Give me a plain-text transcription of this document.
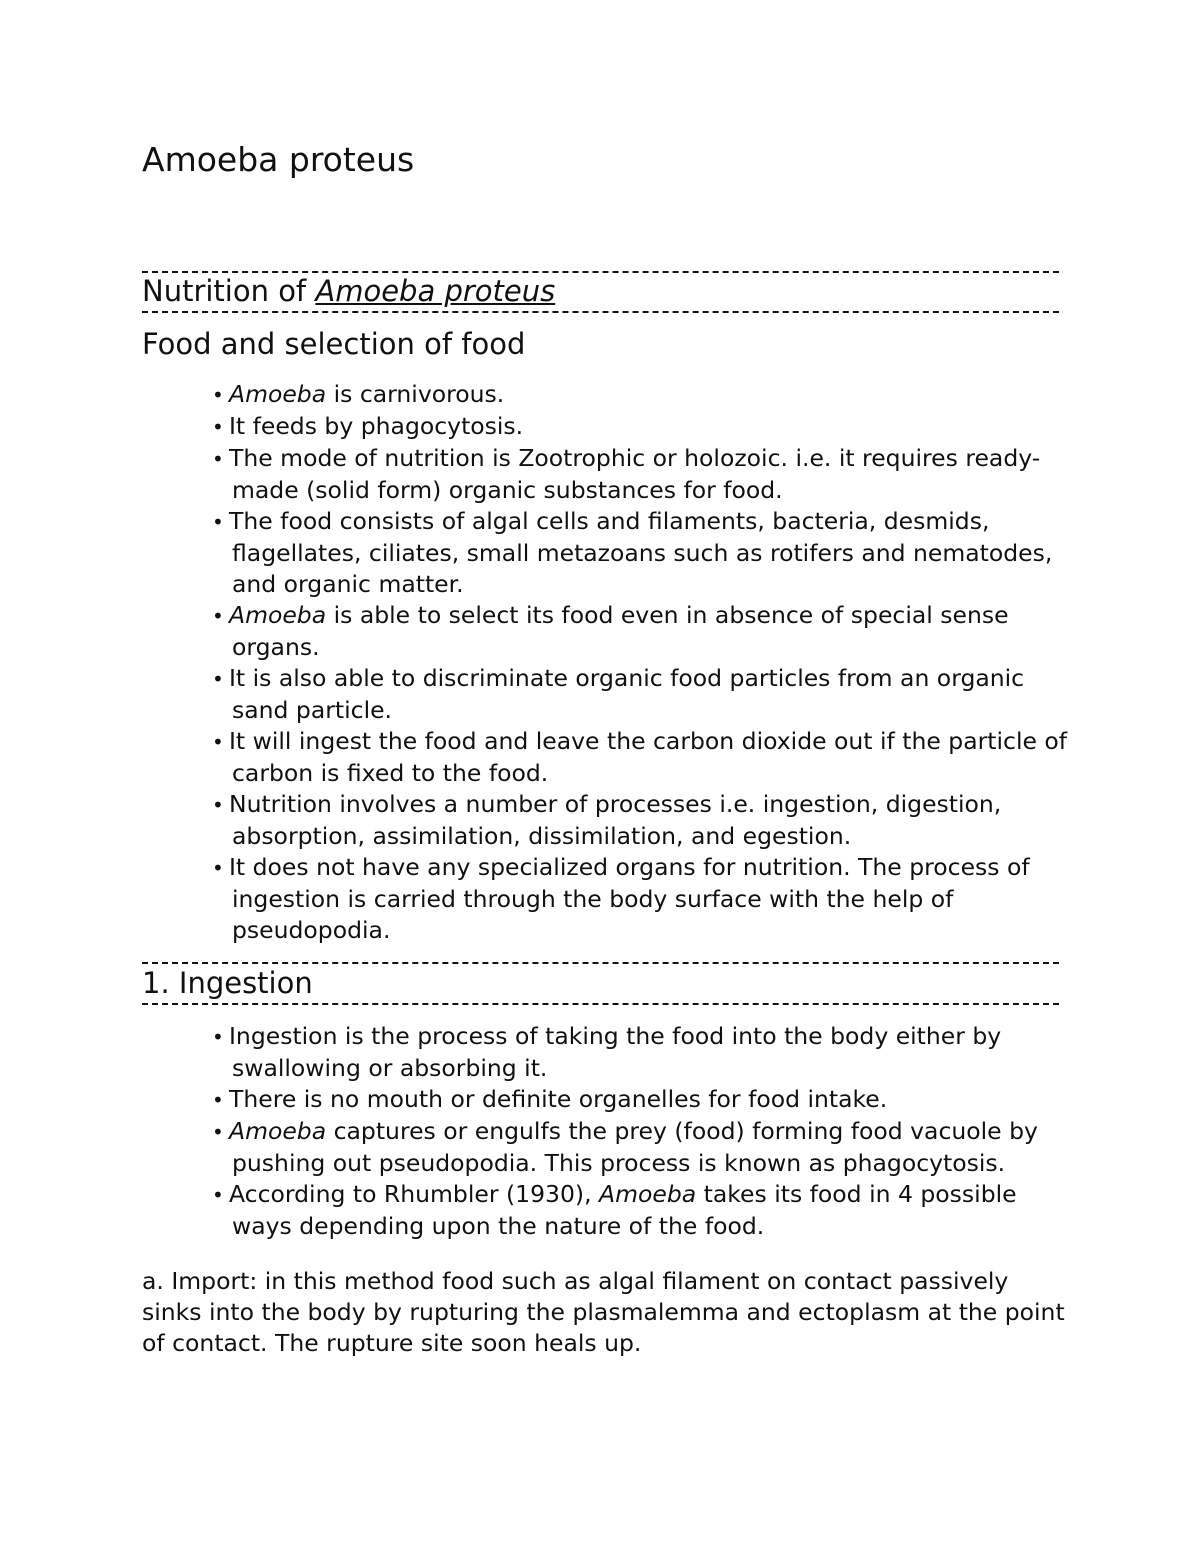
Amoeba proteus
Nutrition of Amoeba proteus
Food and selection of food
• Amoeba is carnivorous.
• It feeds by phagocytosis.
• The mode of nutrition is Zootrophic or holozoic. i.e. it requires ready-made (solid form) organic substances for food.
• The food consists of algal cells and filaments, bacteria, desmids, flagellates, ciliates, small metazoans such as rotifers and nematodes, and organic matter.
• Amoeba is able to select its food even in absence of special sense organs.
• It is also able to discriminate organic food particles from an organic sand particle.
• It will ingest the food and leave the carbon dioxide out if the particle of carbon is fixed to the food.
• Nutrition involves a number of processes i.e. ingestion, digestion, absorption, assimilation, dissimilation, and egestion.
• It does not have any specialized organs for nutrition. The process of ingestion is carried through the body surface with the help of pseudopodia.
1. Ingestion
• Ingestion is the process of taking the food into the body either by swallowing or absorbing it.
• There is no mouth or definite organelles for food intake.
• Amoeba captures or engulfs the prey (food) forming food vacuole by pushing out pseudopodia. This process is known as phagocytosis.
• According to Rhumbler (1930), Amoeba takes its food in 4 possible ways depending upon the nature of the food.

a. Import: in this method food such as algal filament on contact passively sinks into the body by rupturing the plasmalemma and ectoplasm at the point of contact. The rupture site soon heals up.
